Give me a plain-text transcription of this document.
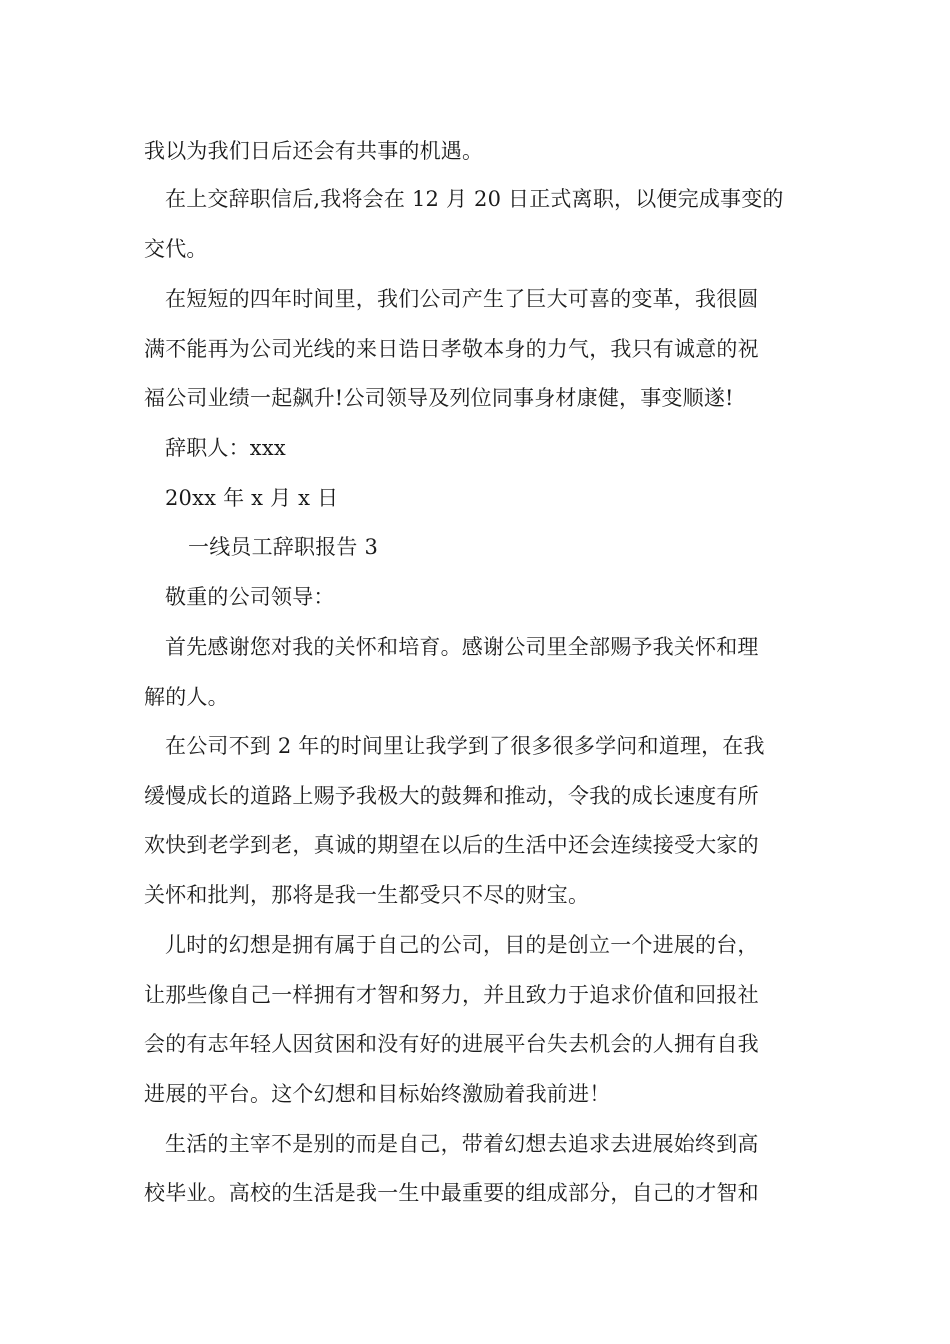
我以为我们日后还会有共事的机遇。
在上交辞职信后,我将会在 12 月 20 日正式离职，以便完成事变的
交代。
在短短的四年时间里，我们公司产生了巨大可喜的变革，我很圆
满不能再为公司光线的来日诰日孝敬本身的力气，我只有诚意的祝
福公司业绩一起飙升!公司领导及列位同事身材康健，事变顺遂!
辞职人：xxx
20xx 年 x 月 x 日
一线员工辞职报告 3
敬重的公司领导：
首先感谢您对我的关怀和培育。感谢公司里全部赐予我关怀和理
解的人。
在公司不到 2 年的时间里让我学到了很多很多学问和道理，在我
缓慢成长的道路上赐予我极大的鼓舞和推动，令我的成长速度有所
欢快到老学到老，真诚的期望在以后的生活中还会连续接受大家的
关怀和批判，那将是我一生都受只不尽的财宝。
儿时的幻想是拥有属于自己的公司，目的是创立一个进展的台，
让那些像自己一样拥有才智和努力，并且致力于追求价值和回报社
会的有志年轻人因贫困和没有好的进展平台失去机会的人拥有自我
进展的平台。这个幻想和目标始终激励着我前进！
生活的主宰不是别的而是自己，带着幻想去追求去进展始终到高
校毕业。高校的生活是我一生中最重要的组成部分，自己的才智和
